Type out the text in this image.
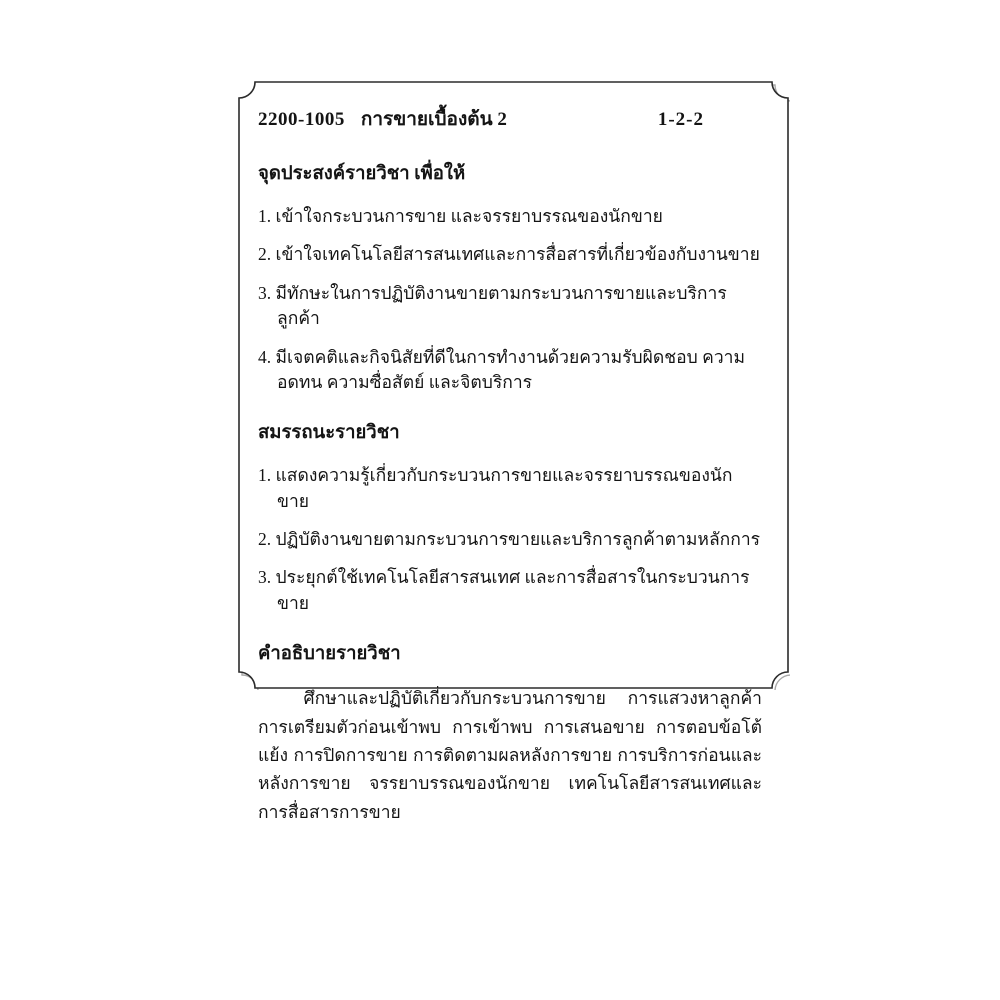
2200-1005 การขายเบื้องต้น 2	1-2-2
จุดประสงค์รายวิชา เพื่อให้
1. เข้าใจกระบวนการขาย และจรรยาบรรณของนักขาย
2. เข้าใจเทคโนโลยีสารสนเทศและการสื่อสารที่เกี่ยวข้องกับงานขาย
3. มีทักษะในการปฏิบัติงานขายตามกระบวนการขายและบริการลูกค้า
4. มีเจตคติและกิจนิสัยที่ดีในการทำงานด้วยความรับผิดชอบ ความอดทน ความซื่อสัตย์ และจิตบริการ
สมรรถนะรายวิชา
1. แสดงความรู้เกี่ยวกับกระบวนการขายและจรรยาบรรณของนักขาย
2. ปฏิบัติงานขายตามกระบวนการขายและบริการลูกค้าตามหลักการ
3. ประยุกต์ใช้เทคโนโลยีสารสนเทศ และการสื่อสารในกระบวนการขาย
คำอธิบายรายวิชา

ศึกษาและปฏิบัติเกี่ยวกับกระบวนการขาย การแสวงหาลูกค้า การเตรียมตัวก่อนเข้าพบ การเข้าพบ การเสนอขาย การตอบข้อโต้แย้ง การปิดการขาย การติดตามผลหลังการขาย การบริการก่อนและหลังการขาย จรรยาบรรณของนักขาย เทคโนโลยีสารสนเทศและการสื่อสารการขาย
